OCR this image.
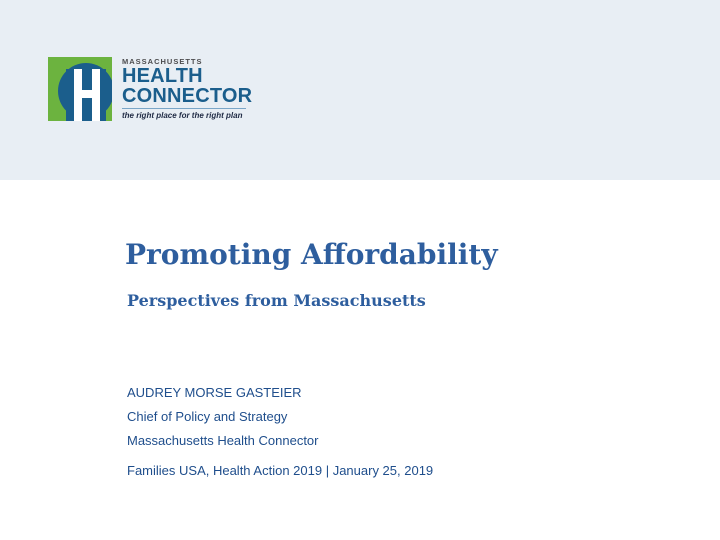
MASSACHUSETTS
HEALTH
CONNECTOR
the right place for the right plan
Promoting Affordability
Perspectives from Massachusetts
AUDREY MORSE GASTEIER
Chief of Policy and Strategy
Massachusetts Health Connector
Families USA, Health Action 2019 | January 25, 2019
